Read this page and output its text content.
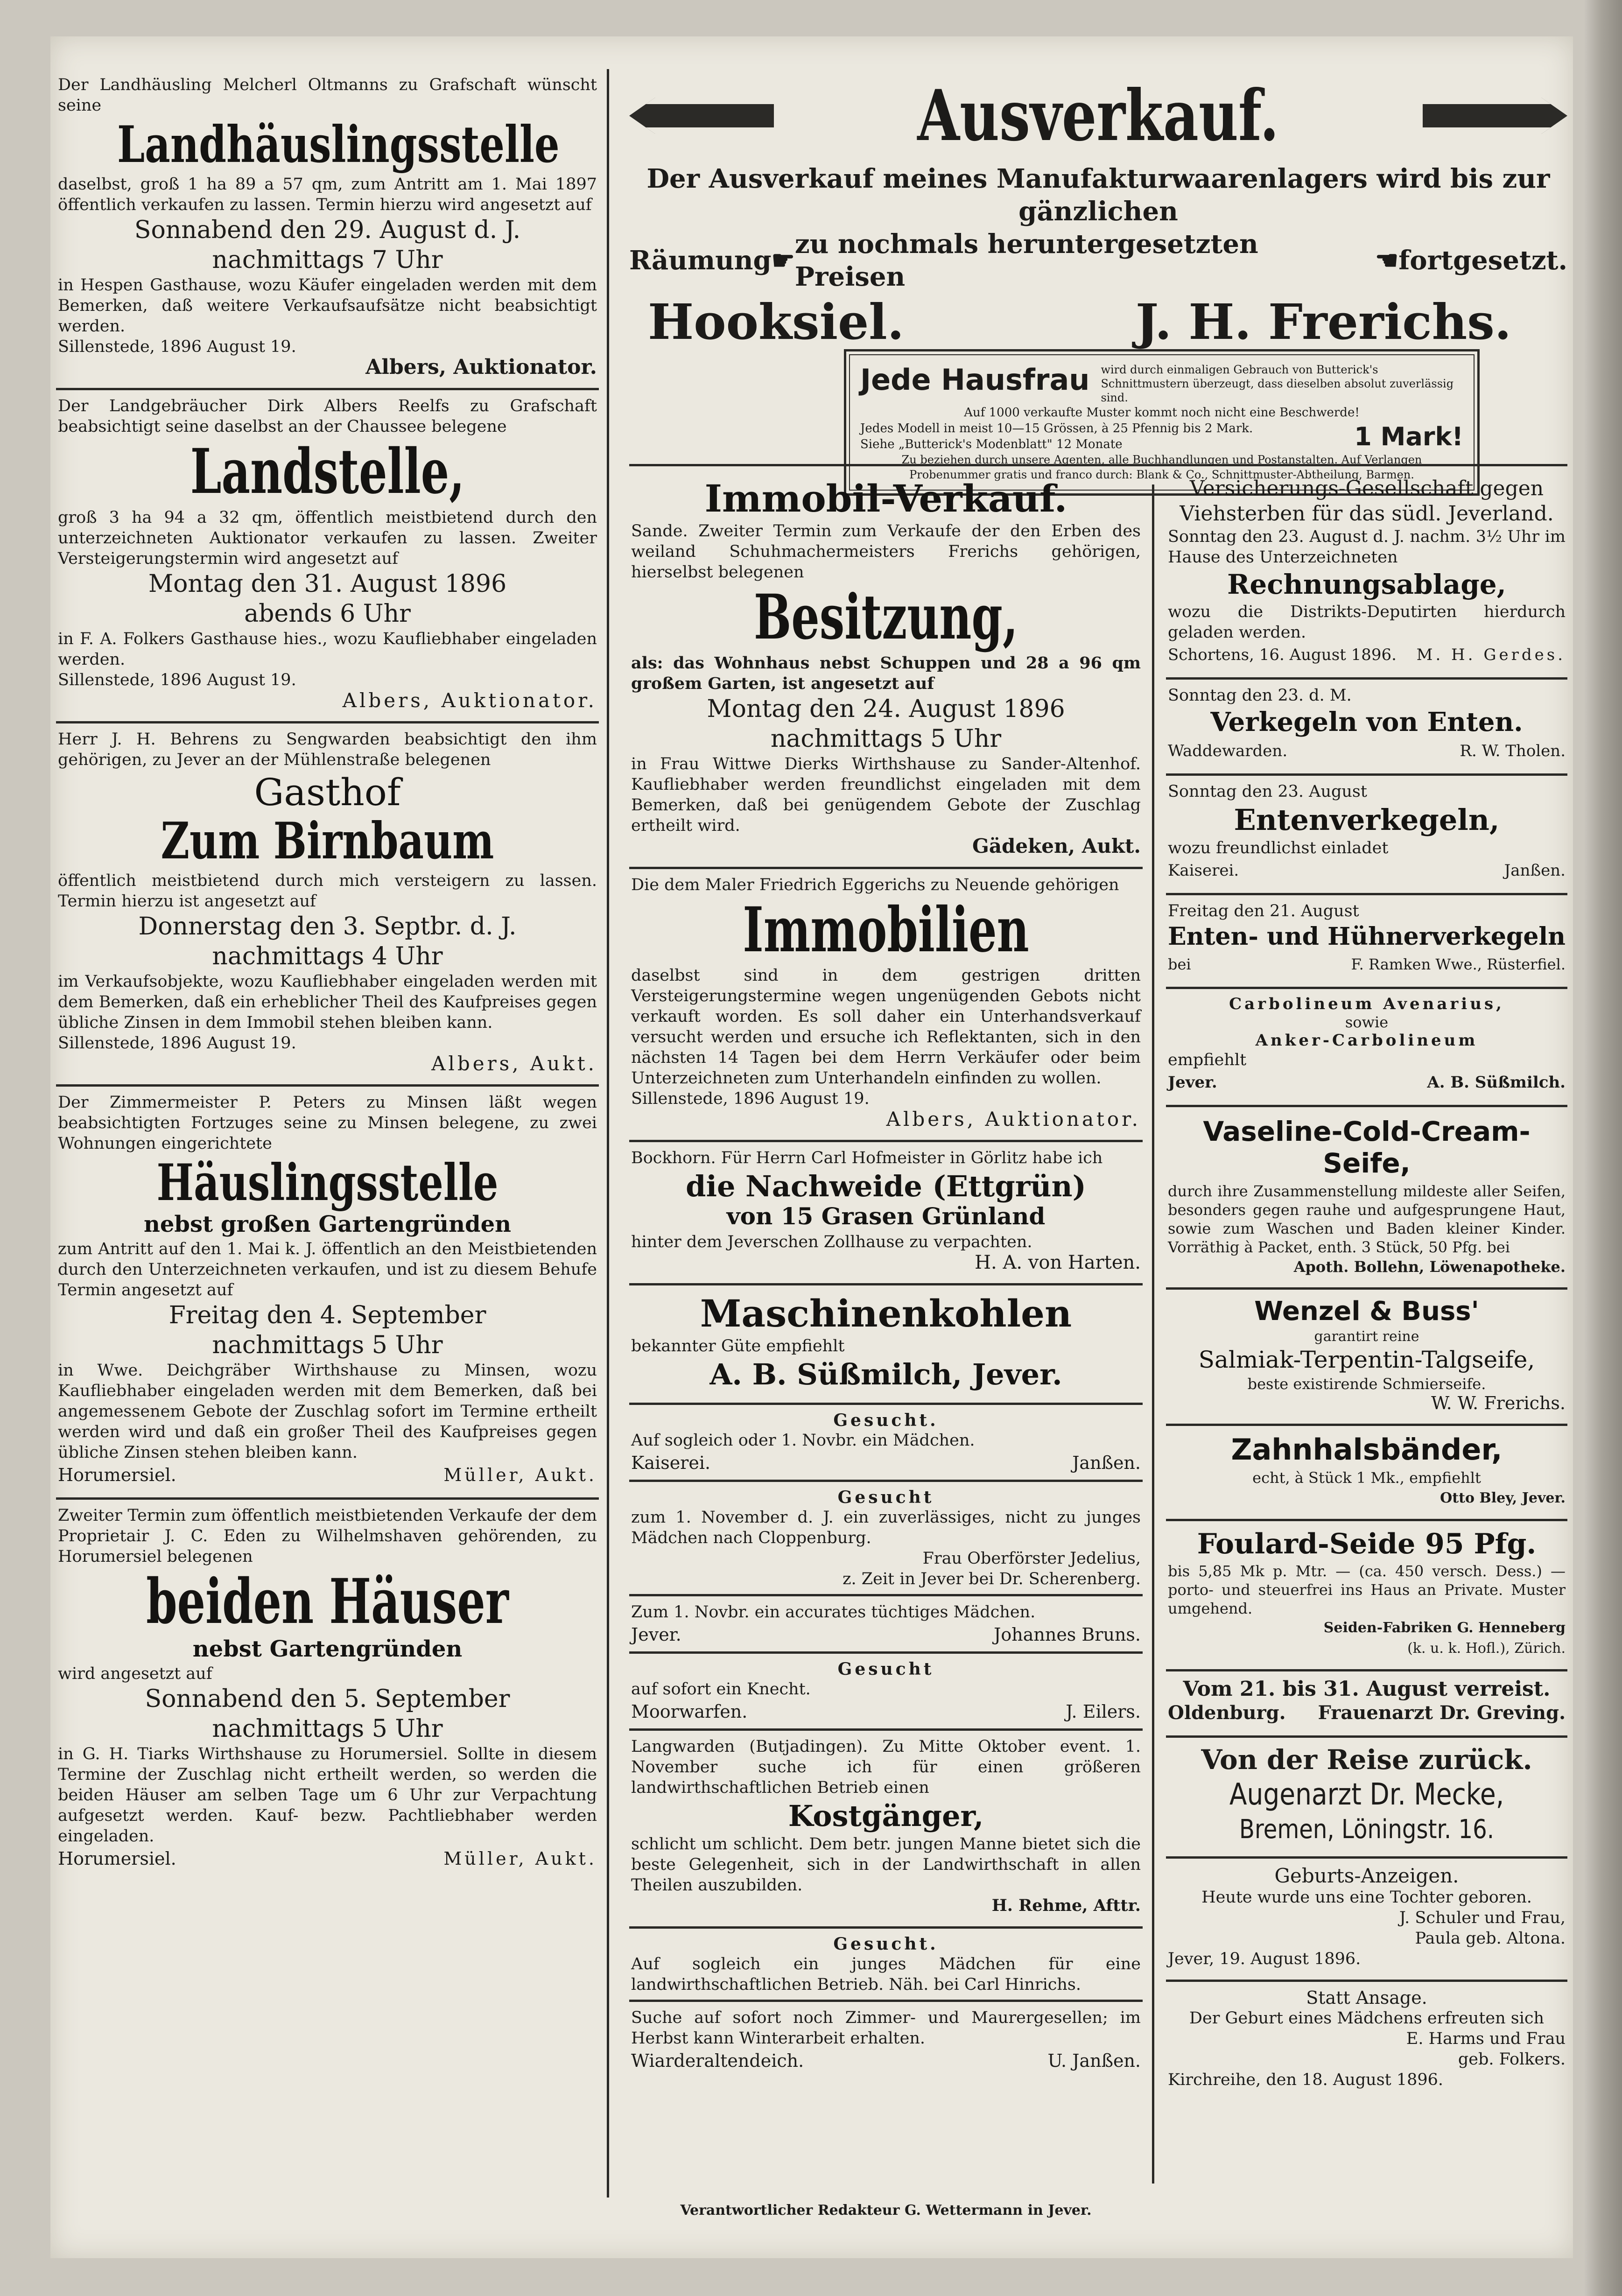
Der Landhäusling Melcherl Oltmanns zu Grafschaft wünscht seine

Landhäuslingsstelle

daselbst, groß 1 ha 89 a 57 qm, zum Antritt am 1. Mai 1897 öffentlich verkaufen zu lassen. Termin hierzu wird angesetzt auf

Sonnabend den 29. August d. J.
nachmittags 7 Uhr

in Hespen Gasthause, wozu Käufer eingeladen werden mit dem Bemerken, daß weitere Verkaufsaufsätze nicht beabsichtigt werden.

Sillenstede, 1896 August 19.

Albers, Auktionator.

Der Landgebräucher Dirk Albers Reelfs zu Grafschaft beabsichtigt seine daselbst an der Chaussee belegene

Landstelle,

groß 3 ha 94 a 32 qm, öffentlich meistbietend durch den unterzeichneten Auktionator verkaufen zu lassen. Zweiter Versteigerungstermin wird angesetzt auf

Montag den 31. August 1896
abends 6 Uhr

in F. A. Folkers Gasthause hies., wozu Kaufliebhaber eingeladen werden.

Sillenstede, 1896 August 19.

Albers, Auktionator.

Herr J. H. Behrens zu Sengwarden beabsichtigt den ihm gehörigen, zu Jever an der Mühlenstraße belegenen

Gasthof
Zum Birnbaum

öffentlich meistbietend durch mich versteigern zu lassen. Termin hierzu ist angesetzt auf

Donnerstag den 3. Septbr. d. J.
nachmittags 4 Uhr

im Verkaufsobjekte, wozu Kaufliebhaber eingeladen werden mit dem Bemerken, daß ein erheblicher Theil des Kaufpreises gegen übliche Zinsen in dem Immobil stehen bleiben kann.

Sillenstede, 1896 August 19.

Albers, Aukt.

Der Zimmermeister P. Peters zu Minsen läßt wegen beabsichtigten Fortzuges seine zu Minsen belegene, zu zwei Wohnungen eingerichtete

Häuslingsstelle
nebst großen Gartengründen

zum Antritt auf den 1. Mai k. J. öffentlich an den Meistbietenden durch den Unterzeichneten verkaufen, und ist zu diesem Behufe Termin angesetzt auf

Freitag den 4. September
nachmittags 5 Uhr

in Wwe. Deichgräber Wirthshause zu Minsen, wozu Kaufliebhaber eingeladen werden mit dem Bemerken, daß bei angemessenem Gebote der Zuschlag sofort im Termine ertheilt werden wird und daß ein großer Theil des Kaufpreises gegen übliche Zinsen stehen bleiben kann.

Horumersiel.	Müller, Aukt.

Zweiter Termin zum öffentlich meistbietenden Verkaufe der dem Proprietair J. C. Eden zu Wilhelmshaven gehörenden, zu Horumersiel belegenen

beiden Häuser
nebst Gartengründen

wird angesetzt auf

Sonnabend den 5. September
nachmittags 5 Uhr

in G. H. Tiarks Wirthshause zu Horumersiel. Sollte in diesem Termine der Zuschlag nicht ertheilt werden, so werden die beiden Häuser am selben Tage um 6 Uhr zur Verpachtung aufgesetzt werden. Kauf- bezw. Pachtliebhaber werden eingeladen.

Horumersiel.	Müller, Aukt.
Ausverkauf.
Der Ausverkauf meines Manufakturwaarenlagers wird bis zur gänzlichen
Räumung ☛
zu nochmals heruntergesetzten Preisen
☚ fortgesetzt.
Hooksiel.	J. H. Frerichs.
Jede Hausfrau wird durch einmaligen Gebrauch von Butterick's Schnittmustern überzeugt, dass dieselben absolut zuverlässig sind.
Auf 1000 verkaufte Muster kommt noch nicht eine Beschwerde!
Jedes Modell in meist 10—15 Grössen, à 25 Pfennig bis 2 Mark.
Siehe „Butterick's Modenblatt" 12 Monate	1 Mark!
Zu beziehen durch unsere Agenten, alle Buchhandlungen und Postanstalten. Auf Verlangen Probenummer gratis und franco durch: Blank & Co., Schnittmuster-Abtheilung, Barmen.
Immobil-Verkauf.

Sande. Zweiter Termin zum Verkaufe der den Erben des weiland Schuhmachermeisters Frerichs gehörigen, hierselbst belegenen

Besitzung,

als: das Wohnhaus nebst Schuppen und 28 a 96 qm großem Garten, ist angesetzt auf

Montag den 24. August 1896
nachmittags 5 Uhr

in Frau Wittwe Dierks Wirthshause zu Sander-Altenhof. Kaufliebhaber werden freundlichst eingeladen mit dem Bemerken, daß bei genügendem Gebote der Zuschlag ertheilt wird.

Gädeken, Aukt.

Die dem Maler Friedrich Eggerichs zu Neuende gehörigen

Immobilien

daselbst sind in dem gestrigen dritten Versteigerungstermine wegen ungenügenden Gebots nicht verkauft worden. Es soll daher ein Unterhandsverkauf versucht werden und ersuche ich Reflektanten, sich in den nächsten 14 Tagen bei dem Herrn Verkäufer oder beim Unterzeichneten zum Unterhandeln einfinden zu wollen.

Sillenstede, 1896 August 19.

Albers, Auktionator.

Bockhorn. Für Herrn Carl Hofmeister in Görlitz habe ich

die Nachweide (Ettgrün)
von 15 Grasen Grünland

hinter dem Jeverschen Zollhause zu verpachten.

H. A. von Harten.

Maschinenkohlen

bekannter Güte empfiehlt

A. B. Süßmilch, Jever.
Gesucht.

Auf sogleich oder 1. Novbr. ein Mädchen.

Kaiserei.	Janßen.
Gesucht

zum 1. November d. J. ein zuverlässiges, nicht zu junges Mädchen nach Cloppenburg.

Frau Oberförster Jedelius,

z. Zeit in Jever bei Dr. Scherenberg.

Zum 1. Novbr. ein accurates tüchtiges Mädchen.

Jever.	Johannes Bruns.
Gesucht

auf sofort ein Knecht.

Moorwarfen.	J. Eilers.

Langwarden (Butjadingen). Zu Mitte Oktober event. 1. November suche ich für einen größeren landwirthschaftlichen Betrieb einen

Kostgänger,

schlicht um schlicht. Dem betr. jungen Manne bietet sich die beste Gelegenheit, sich in der Landwirthschaft in allen Theilen auszubilden.

H. Rehme, Afttr.

Gesucht.

Auf sogleich ein junges Mädchen für eine landwirthschaftlichen Betrieb. Näh. bei Carl Hinrichs.

Suche auf sofort noch Zimmer- und Maurergesellen; im Herbst kann Winterarbeit erhalten.

Wiarderaltendeich.	U. Janßen.
Versicherungs-Gesellschaft gegen Viehsterben für das südl. Jeverland.

Sonntag den 23. August d. J. nachm. 3½ Uhr im Hause des Unterzeichneten

Rechnungsablage,

wozu die Distrikts-Deputirten hierdurch geladen werden.

Schortens, 16. August 1896. M. H. Gerdes.

Sonntag den 23. d. M.

Verkegeln von Enten.
Waddewarden.	R. W. Tholen.

Sonntag den 23. August

Entenverkegeln,

wozu freundlichst einladet

Kaiserei.	Janßen.

Freitag den 21. August

Enten- und Hühnerverkegeln
bei	F. Ramken Wwe., Rüsterfiel.
Carbolineum Avenarius,
sowie
Anker-Carbolineum

empfiehlt

Jever.	A. B. Süßmilch.
Vaseline-Cold-Cream-Seife,

durch ihre Zusammenstellung mildeste aller Seifen, besonders gegen rauhe und aufgesprungene Haut, sowie zum Waschen und Baden kleiner Kinder. Vorräthig à Packet, enth. 3 Stück, 50 Pfg. bei

Apoth. Bollehn, Löwenapotheke.

Wenzel & Buss'
garantirt reine
Salmiak-Terpentin-Talgseife,
beste existirende Schmierseife.

W. W. Frerichs.

Zahnhalsbänder,

echt, à Stück 1 Mk., empfiehlt

Otto Bley, Jever.

Foulard-Seide 95 Pfg.

bis 5,85 Mk p. Mtr. — (ca. 450 versch. Dess.) — porto- und steuerfrei ins Haus an Private. Muster umgehend.

Seiden-Fabriken G. Henneberg

(k. u. k. Hofl.), Zürich.

Vom 21. bis 31. August verreist.
Oldenburg. Frauenarzt Dr. Greving.
Von der Reise zurück.
Augenarzt Dr. Mecke,
Bremen, Löningstr. 16.
Geburts-Anzeigen.

Heute wurde uns eine Tochter geboren.

J. Schuler und Frau,

Paula geb. Altona.

Jever, 19. August 1896.

Statt Ansage.

Der Geburt eines Mädchens erfreuten sich

E. Harms und Frau

geb. Folkers.

Kirchreihe, den 18. August 1896.

Verantwortlicher Redakteur G. Wettermann in Jever.
